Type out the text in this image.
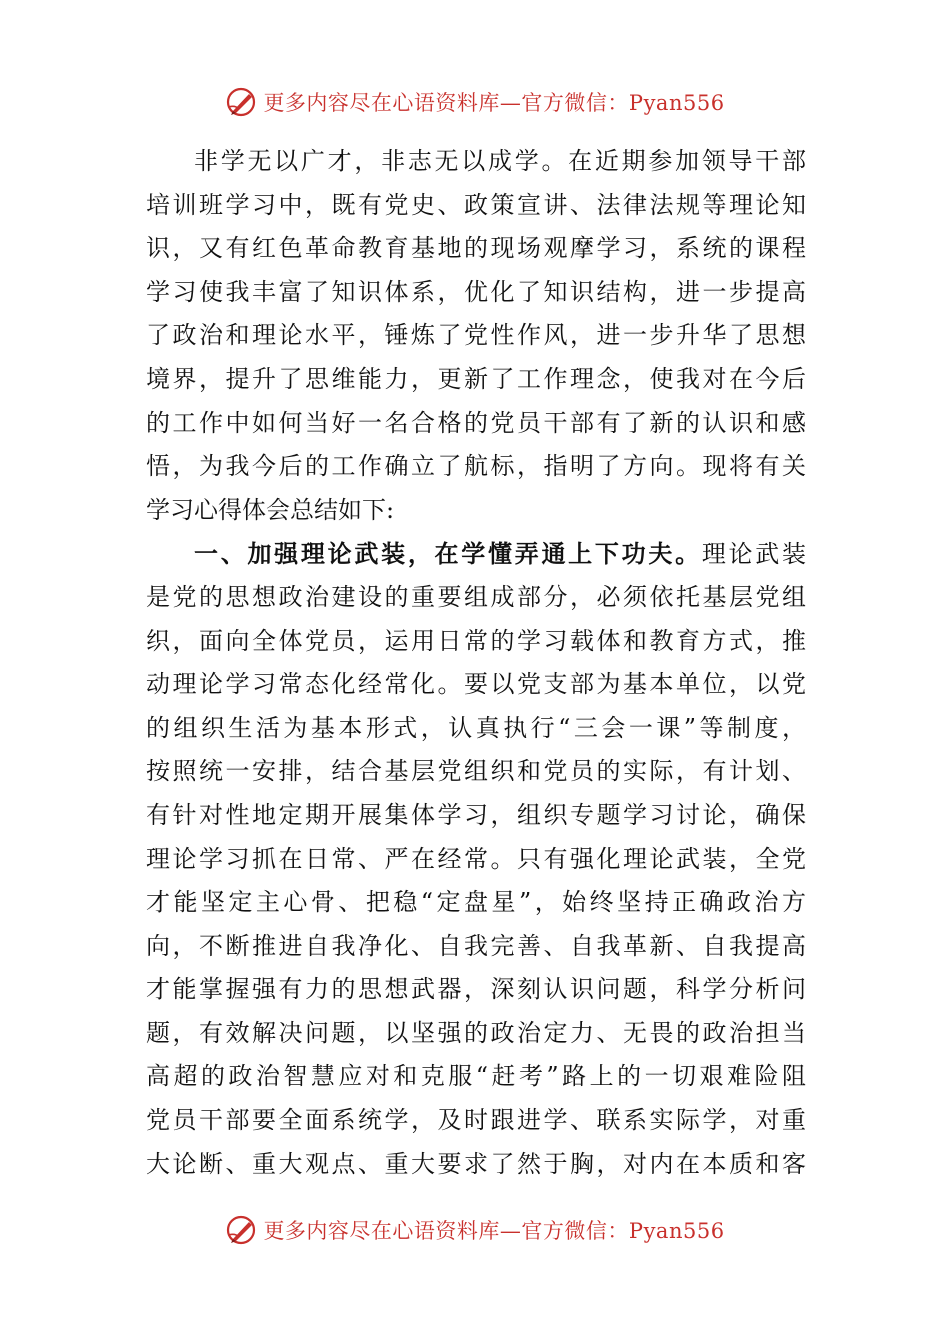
更多内容尽在心语资料库—官方微信：Pyan556
非学无以广才，非志无以成学。在近期参加领导干部
培训班学习中，既有党史、政策宣讲、法律法规等理论知
识，又有红色革命教育基地的现场观摩学习，系统的课程
学习使我丰富了知识体系，优化了知识结构，进一步提高
了政治和理论水平，锤炼了党性作风，进一步升华了思想
境界，提升了思维能力，更新了工作理念，使我对在今后
的工作中如何当好一名合格的党员干部有了新的认识和感
悟，为我今后的工作确立了航标，指明了方向。现将有关
学习心得体会总结如下:
一、加强理论武装，在学懂弄通上下功夫。理论武装
是党的思想政治建设的重要组成部分，必须依托基层党组
织，面向全体党员，运用日常的学习载体和教育方式，推
动理论学习常态化经常化。要以党支部为基本单位，以党
的组织生活为基本形式，认真执行“三会一课”等制度，
按照统一安排，结合基层党组织和党员的实际，有计划、
有针对性地定期开展集体学习，组织专题学习讨论，确保
理论学习抓在日常、严在经常。只有强化理论武装，全党
才能坚定主心骨、把稳“定盘星”，始终坚持正确政治方
向，不断推进自我净化、自我完善、自我革新、自我提高
才能掌握强有力的思想武器，深刻认识问题，科学分析问
题，有效解决问题，以坚强的政治定力、无畏的政治担当
高超的政治智慧应对和克服“赶考”路上的一切艰难险阻
党员干部要全面系统学，及时跟进学、联系实际学，对重
大论断、重大观点、重大要求了然于胸，对内在本质和客
更多内容尽在心语资料库—官方微信：Pyan556
